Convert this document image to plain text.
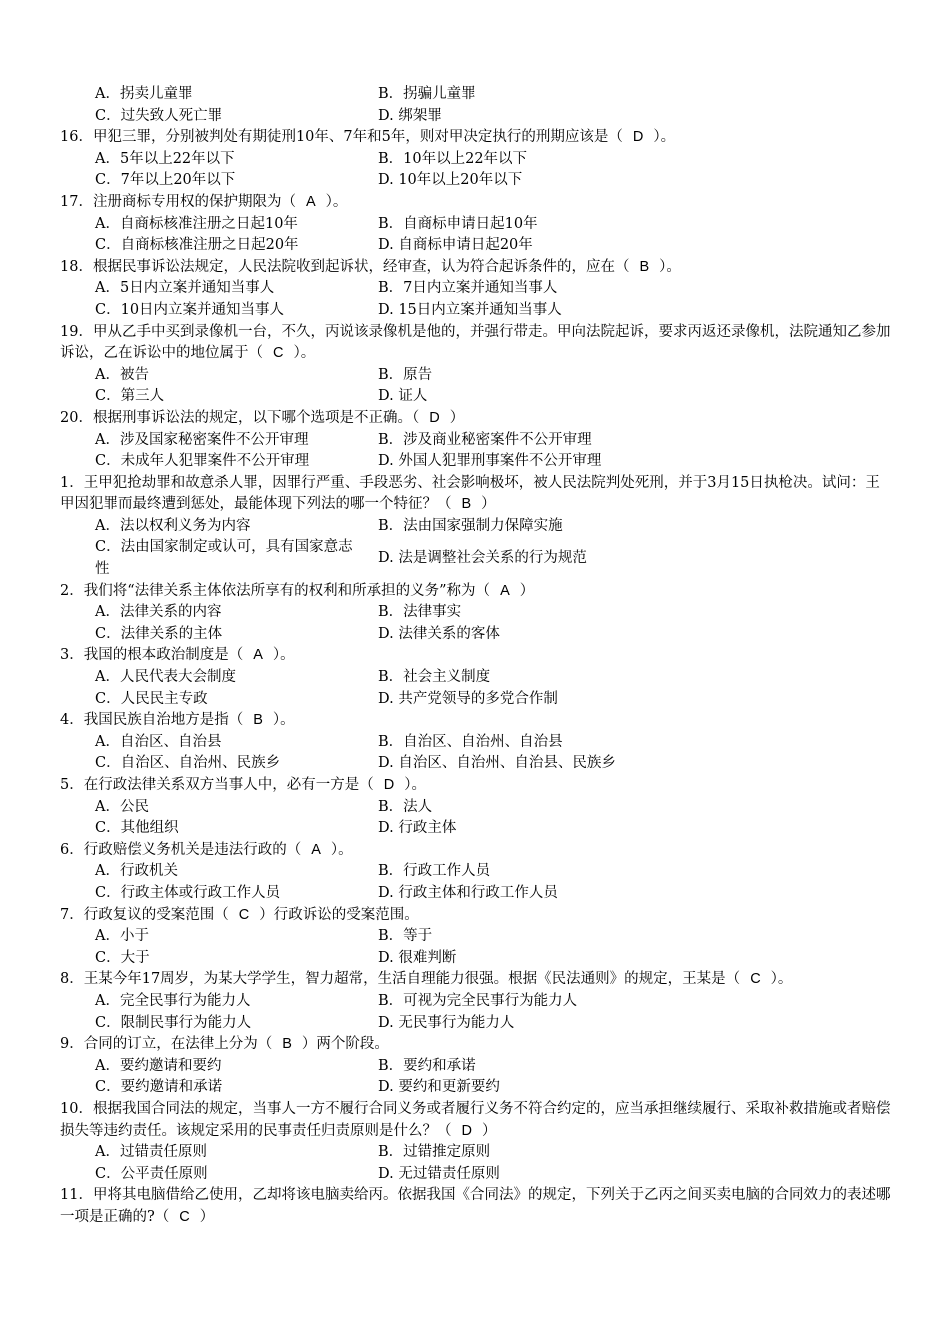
A．拐卖儿童罪	B．拐骗儿童罪
C．过失致人死亡罪	D. 绑架罪
16．甲犯三罪，分别被判处有期徒刑10年、7年和5年，则对甲决定执行的刑期应该是（ D ）。
A．5年以上22年以下	B．10年以上22年以下
C．7年以上20年以下	D. 10年以上20年以下
17．注册商标专用权的保护期限为（ A ）。
A．自商标核准注册之日起10年	B．自商标申请日起10年
C．自商标核准注册之日起20年	D. 自商标申请日起20年
18．根据民事诉讼法规定，人民法院收到起诉状，经审查，认为符合起诉条件的，应在（ B ）。
A．5日内立案并通知当事人	B．7日内立案并通知当事人
C．10日内立案并通知当事人	D. 15日内立案并通知当事人
19．甲从乙手中买到录像机一台，不久，丙说该录像机是他的，并强行带走。甲向法院起诉，要求丙返还录像机，法院通知乙参加诉讼，乙在诉讼中的地位属于（ C ）。
A．被告	B．原告
C．第三人	D. 证人
20．根据刑事诉讼法的规定，以下哪个选项是不正确。（ D ）
A．涉及国家秘密案件不公开审理	B．涉及商业秘密案件不公开审理
C．未成年人犯罪案件不公开审理	D. 外国人犯罪刑事案件不公开审理
1．王甲犯抢劫罪和故意杀人罪，因罪行严重、手段恶劣、社会影响极坏，被人民法院判处死刑，并于3月15日执枪决。试问：王甲因犯罪而最终遭到惩处，最能体现下列法的哪一个特征？（ B ）
A．法以权利义务为内容	B．法由国家强制力保障实施
C．法由国家制定或认可，具有国家意志性
D. 法是调整社会关系的行为规范
2．我们将“法律关系主体依法所享有的权利和所承担的义务”称为（ A ）
A．法律关系的内容	B．法律事实
C．法律关系的主体	D. 法律关系的客体
3．我国的根本政治制度是（ A ）。
A．人民代表大会制度	B．社会主义制度
C．人民民主专政	D. 共产党领导的多党合作制
4．我国民族自治地方是指（ B ）。
A．自治区、自治县	B．自治区、自治州、自治县
C．自治区、自治州、民族乡	D. 自治区、自治州、自治县、民族乡
5．在行政法律关系双方当事人中，必有一方是（ D ）。
A．公民	B．法人
C．其他组织	D. 行政主体
6．行政赔偿义务机关是违法行政的（ A ）。
A．行政机关	B．行政工作人员
C．行政主体或行政工作人员	D. 行政主体和行政工作人员
7．行政复议的受案范围（ C ）行政诉讼的受案范围。
A．小于	B．等于
C．大于	D. 很难判断
8．王某今年17周岁，为某大学学生，智力超常，生活自理能力很强。根据《民法通则》的规定，王某是（ C ）。
A．完全民事行为能力人	B．可视为完全民事行为能力人
C．限制民事行为能力人	D. 无民事行为能力人
9．合同的订立，在法律上分为（ B ）两个阶段。
A．要约邀请和要约	B．要约和承诺
C．要约邀请和承诺	D. 要约和更新要约
10．根据我国合同法的规定，当事人一方不履行合同义务或者履行义务不符合约定的，应当承担继续履行、采取补救措施或者赔偿损失等违约责任。该规定采用的民事责任归责原则是什么？（ D ）
A．过错责任原则	B．过错推定原则
C．公平责任原则	D. 无过错责任原则
11．甲将其电脑借给乙使用，乙却将该电脑卖给丙。依据我国《合同法》的规定，下列关于乙丙之间买卖电脑的合同效力的表述哪一项是正确的?（ C ）
